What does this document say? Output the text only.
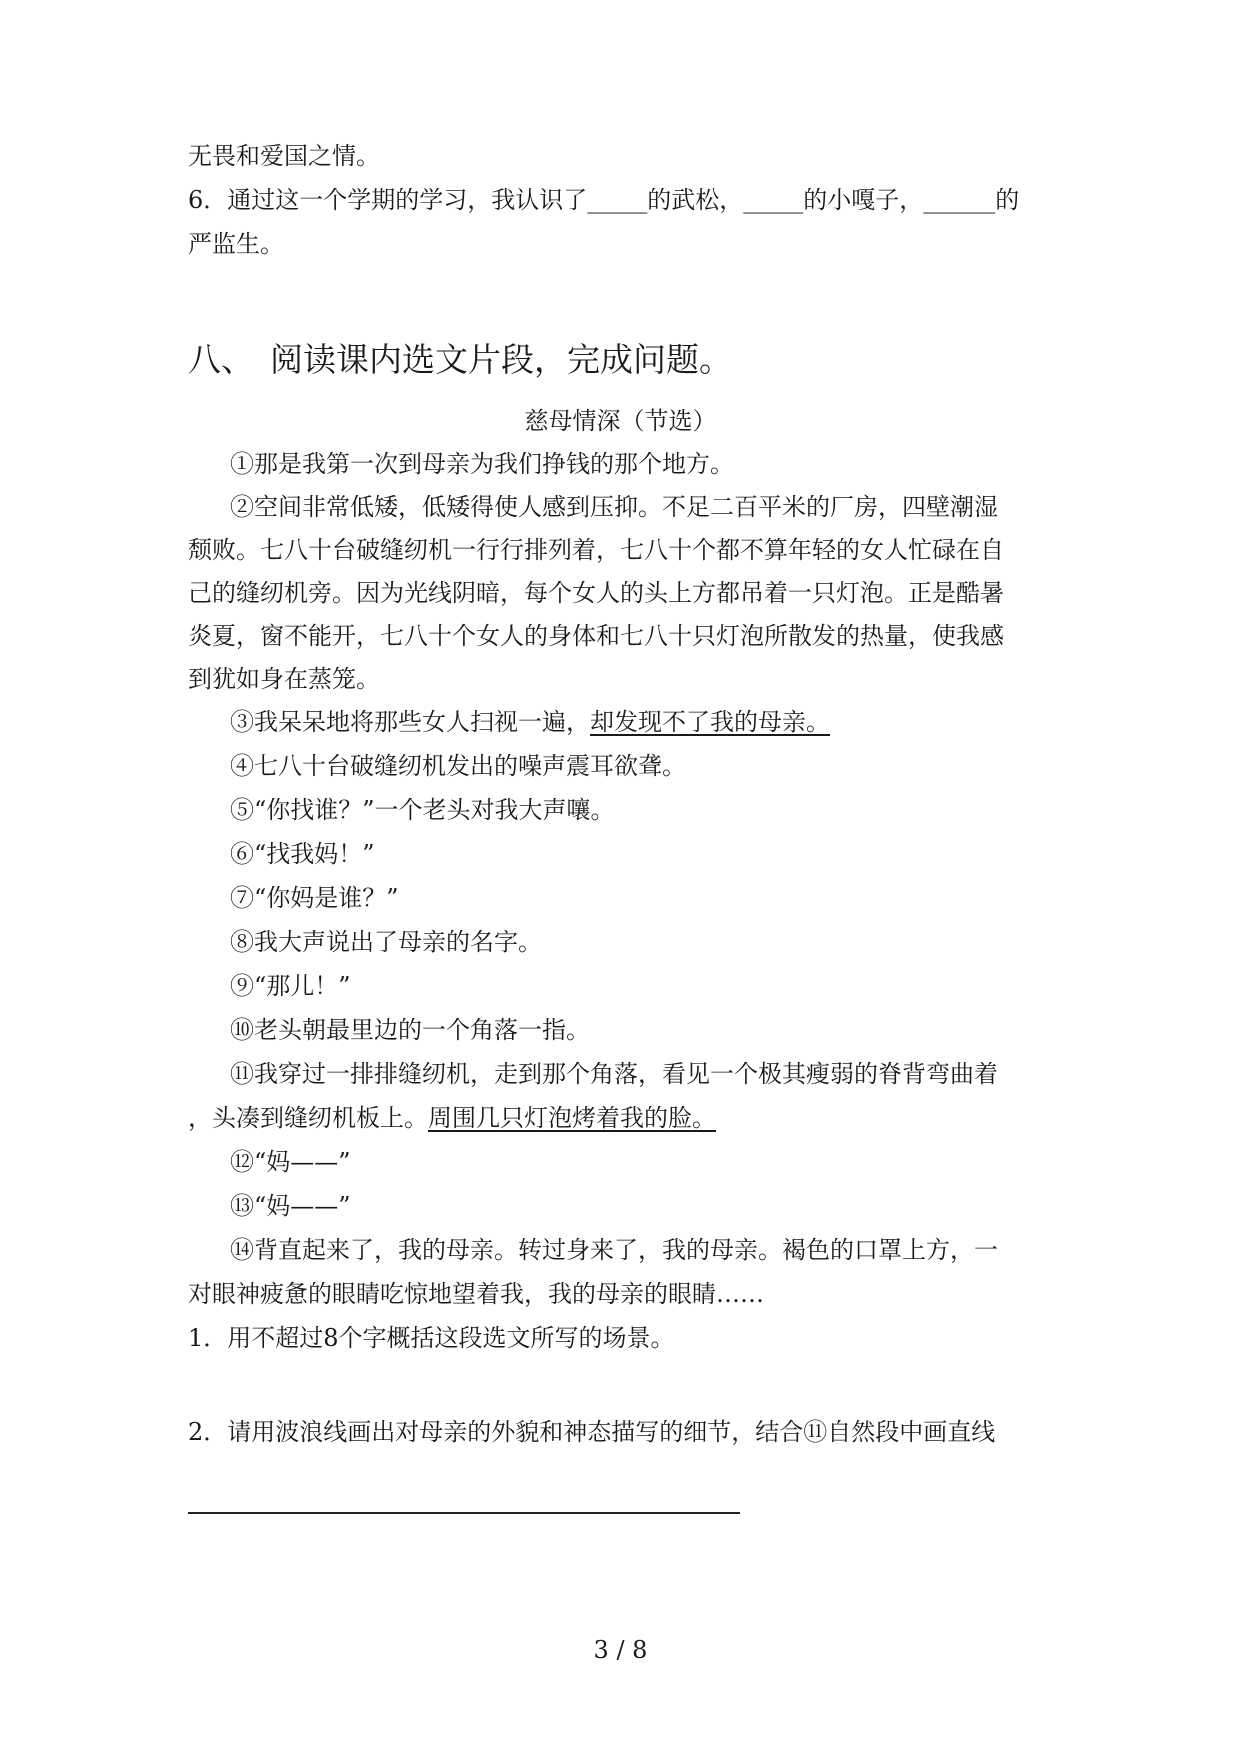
无畏和爱国之情。
6．通过这一个学期的学习，我认识了_____的武松，_____的小嘎子，______的
严监生。
八、 阅读课内选文片段，完成问题。
慈母情深（节选）
①那是我第一次到母亲为我们挣钱的那个地方。
②空间非常低矮，低矮得使人感到压抑。不足二百平米的厂房，四壁潮湿
颓败。七八十台破缝纫机一行行排列着，七八十个都不算年轻的女人忙碌在自
己的缝纫机旁。因为光线阴暗，每个女人的头上方都吊着一只灯泡。正是酷暑
炎夏，窗不能开，七八十个女人的身体和七八十只灯泡所散发的热量，使我感
到犹如身在蒸笼。
③我呆呆地将那些女人扫视一遍，却发现不了我的母亲。
④七八十台破缝纫机发出的噪声震耳欲聋。
⑤“你找谁？”一个老头对我大声嚷。
⑥“找我妈！”
⑦“你妈是谁？”
⑧我大声说出了母亲的名字。
⑨“那儿！”
⑩老头朝最里边的一个角落一指。
⑪我穿过一排排缝纫机，走到那个角落，看见一个极其瘦弱的脊背弯曲着
，头凑到缝纫机板上。周围几只灯泡烤着我的脸。
⑫“妈——”
⑬“妈——”
⑭背直起来了，我的母亲。转过身来了，我的母亲。褐色的口罩上方，一
对眼神疲惫的眼睛吃惊地望着我，我的母亲的眼睛……
1．用不超过8个字概括这段选文所写的场景。
2．请用波浪线画出对母亲的外貌和神态描写的细节，结合⑪自然段中画直线
3 / 8
